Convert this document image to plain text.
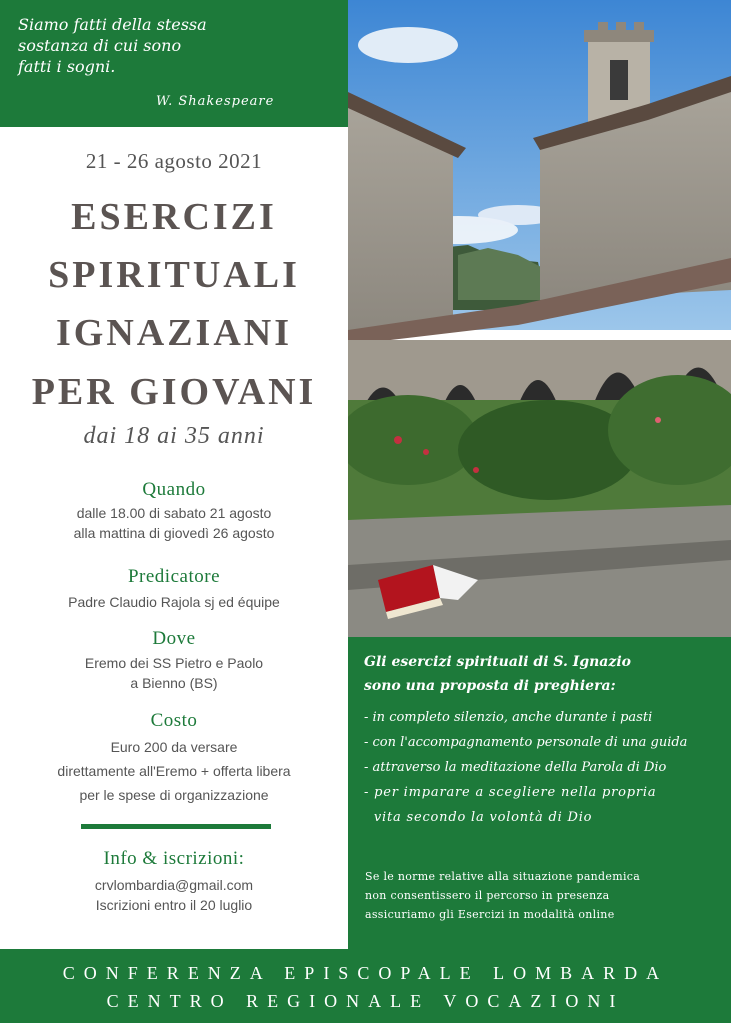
Siamo fatti della stessa
sostanza di cui sono
fatti i sogni.
W. Shakespeare
21 - 26 agosto 2021
ESERCIZI
SPIRITUALI
IGNAZIANI
PER GIOVANI
dai 18 ai 35 anni
Quando
dalle 18.00 di sabato 21 agosto
alla mattina di giovedì 26 agosto
Predicatore
Padre Claudio Rajola sj ed équipe
Dove
Eremo dei SS Pietro e Paolo
a Bienno (BS)
Costo
Euro 200 da versare
direttamente all'Eremo + offerta libera
per le spese di organizzazione
Info & iscrizioni:
crvlombardia@gmail.com
Iscrizioni entro il 20 luglio
Gli esercizi spirituali di S. Ignazio
sono una proposta di preghiera:
- in completo silenzio, anche durante i pasti
- con l'accompagnamento personale di una guida
- attraverso la meditazione della Parola di Dio
- per imparare a scegliere nella propria
vita secondo la volontà di Dio
Se le norme relative alla situazione pandemica
non consentissero il percorso in presenza
assicuriamo gli Esercizi in modalità online
CONFERENZA EPISCOPALE LOMBARDA
CENTRO REGIONALE VOCAZIONI
